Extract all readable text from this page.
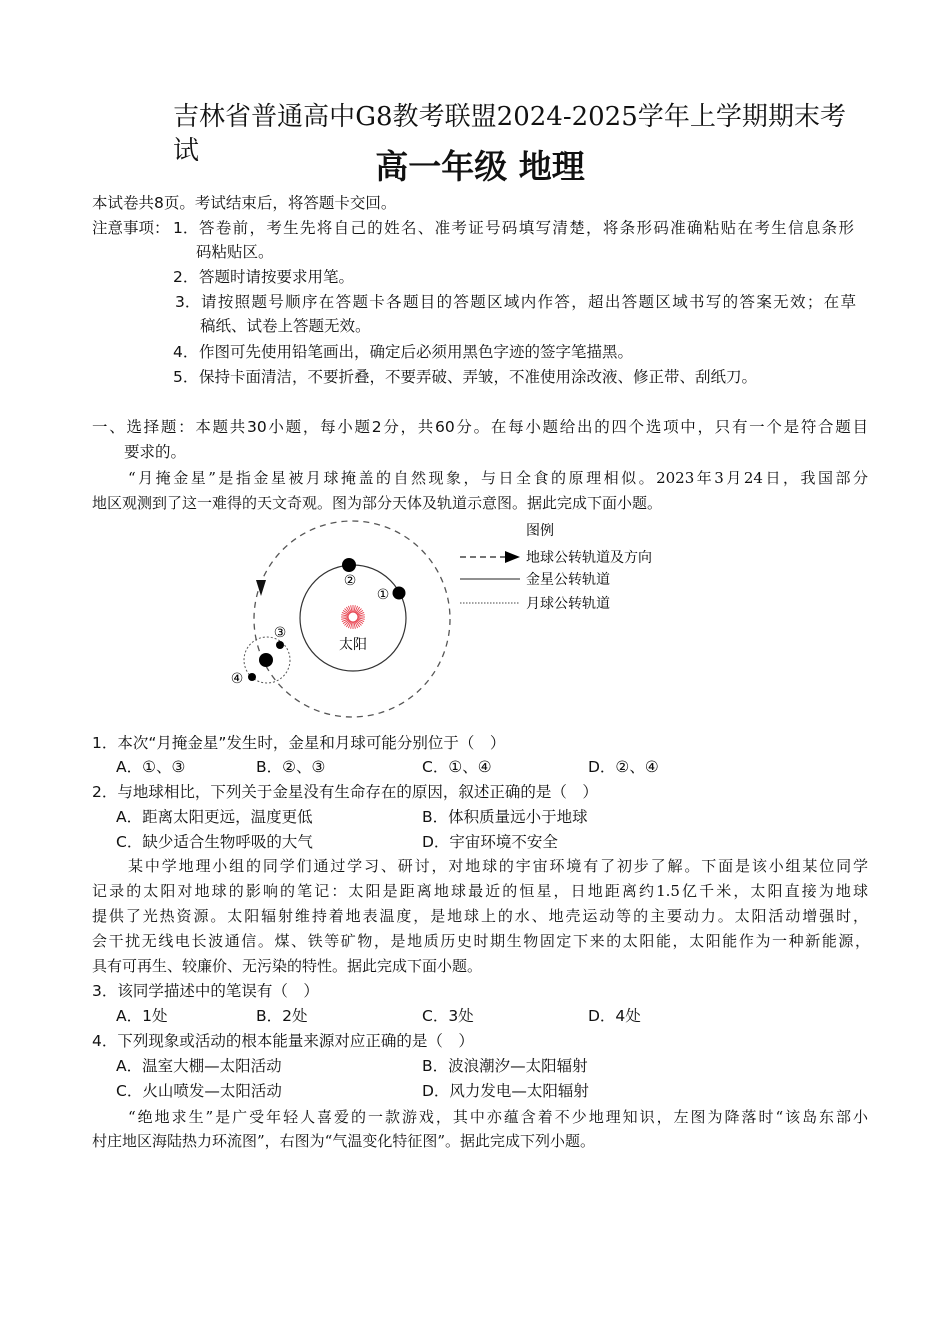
吉林省普通高中G8教考联盟2024-2025学年上学期期末考试	高一年级 地理
本试卷共8页。考试结束后，将答题卡交回。
注意事项： 1． 答卷前，考生先将自己的姓名、准考证号码填写清楚，将条形码准确粘贴在考生信息条形
码粘贴区。
2． 答题时请按要求用笔。
3． 请按照题号顺序在答题卡各题目的答题区域内作答，超出答题区域书写的答案无效；在草
稿纸、试卷上答题无效。
4． 作图可先使用铅笔画出，确定后必须用黑色字迹的签字笔描黑。
5． 保持卡面清洁，不要折叠，不要弄破、弄皱，不准使用涂改液、修正带、刮纸刀。
一、选择题：本题共30小题，每小题2分，共60分。在每小题给出的四个选项中，只有一个是符合题目
要求的。
“月掩金星”是指金星被月球掩盖的自然现象，与日全食的原理相似。2023年3月24日，我国部分
地区观测到了这一难得的天文奇观。图为部分天体及轨道示意图。据此完成下面小题。
①
②
③
④
太阳
图例
地球公转轨道及方向
金星公转轨道
月球公转轨道
1．本次“月掩金星”发生时，金星和月球可能分别位于（　）
A．①、③	B．②、③	C．①、④	D．②、④
2．与地球相比，下列关于金星没有生命存在的原因，叙述正确的是（　）
A．距离太阳更远，温度更低	B．体积质量远小于地球
C．缺少适合生物呼吸的大气	D．宇宙环境不安全
某中学地理小组的同学们通过学习、研讨，对地球的宇宙环境有了初步了解。下面是该小组某位同学
记录的太阳对地球的影响的笔记：太阳是距离地球最近的恒星，日地距离约1.5亿千米，太阳直接为地球
提供了光热资源。太阳辐射维持着地表温度，是地球上的水、地壳运动等的主要动力。太阳活动增强时，
会干扰无线电长波通信。煤、铁等矿物，是地质历史时期生物固定下来的太阳能，太阳能作为一种新能源，
具有可再生、较廉价、无污染的特性。据此完成下面小题。
3．该同学描述中的笔误有（　）
A．1处	B．2处	C．3处	D．4处
4．下列现象或活动的根本能量来源对应正确的是（　）
A．温室大棚—太阳活动	B．波浪潮汐—太阳辐射
C．火山喷发—太阳活动	D．风力发电—太阳辐射
“绝地求生”是广受年轻人喜爱的一款游戏，其中亦蕴含着不少地理知识，左图为降落时“该岛东部小
村庄地区海陆热力环流图”，右图为“气温变化特征图”。据此完成下列小题。
